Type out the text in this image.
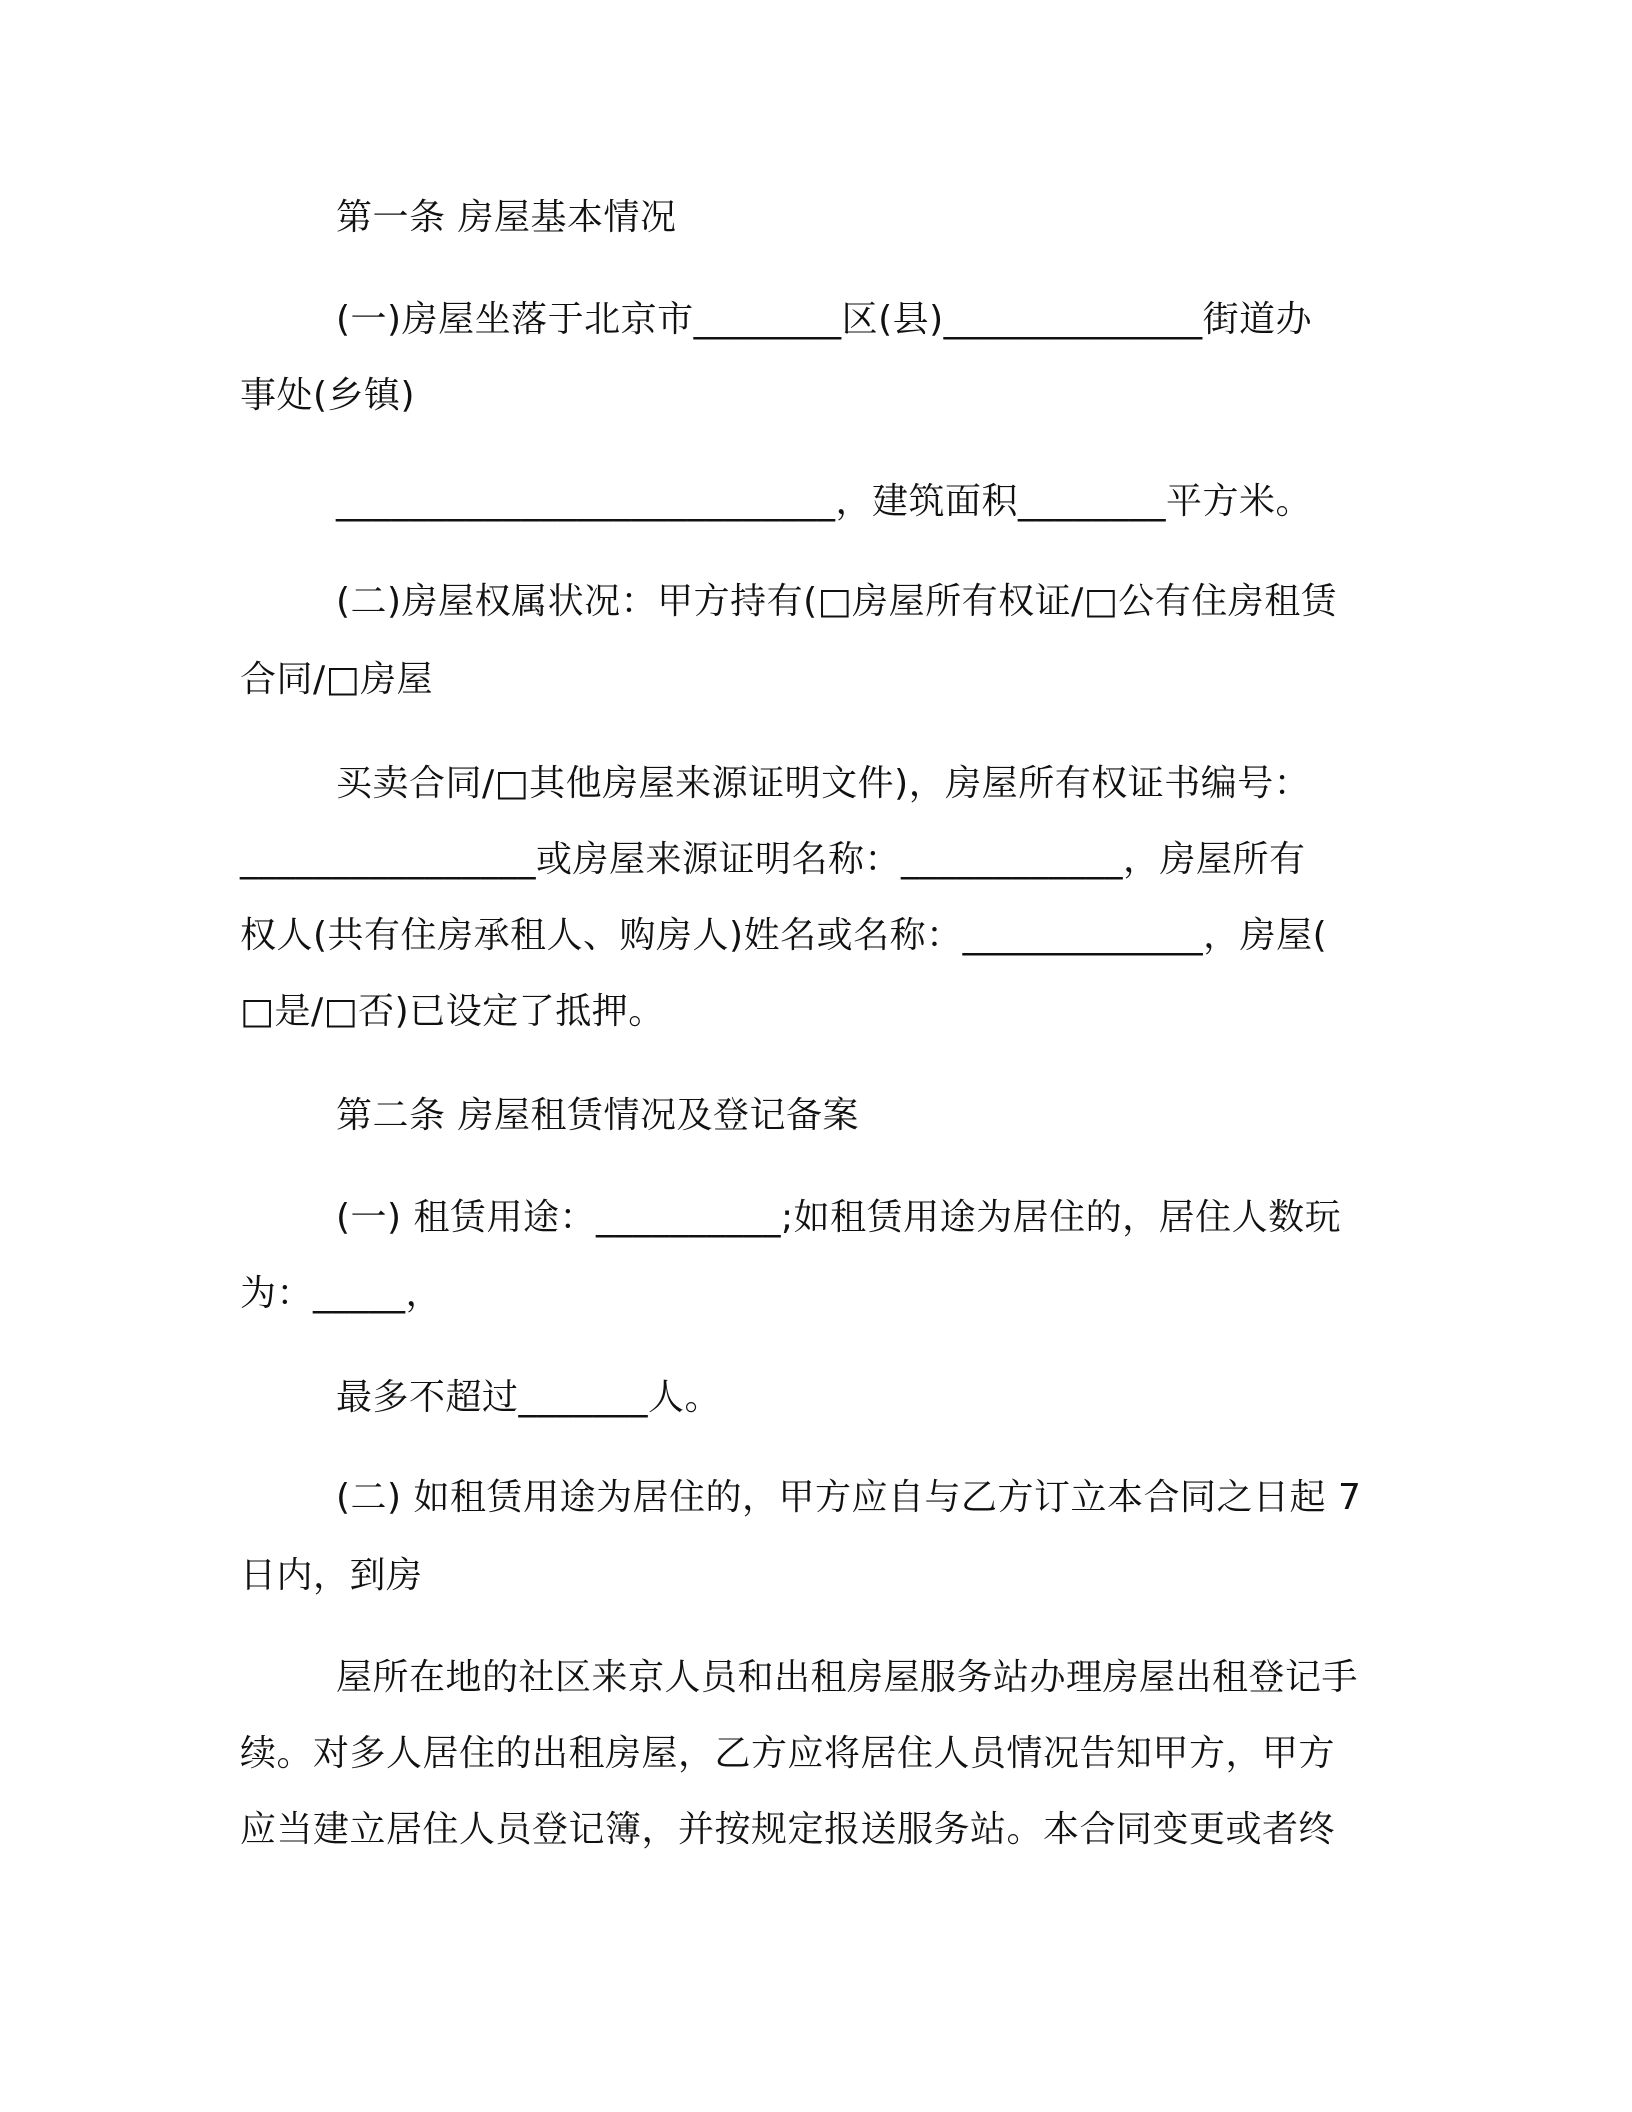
第一条 房屋基本情况
(一)房屋坐落于北京市________区(县)______________街道办
事处(乡镇)
___________________________，建筑面积________平方米。
(二)房屋权属状况：甲方持有(□房屋所有权证/□公有住房租赁
合同/□房屋
买卖合同/□其他房屋来源证明文件)，房屋所有权证书编号：
________________或房屋来源证明名称：____________，房屋所有
权人(共有住房承租人、购房人)姓名或名称：_____________，房屋(
□是/□否)已设定了抵押。
第二条 房屋租赁情况及登记备案
(一) 租赁用途：__________;如租赁用途为居住的，居住人数玩
为：_____，
最多不超过_______人。
(二) 如租赁用途为居住的，甲方应自与乙方订立本合同之日起 7
日内，到房
屋所在地的社区来京人员和出租房屋服务站办理房屋出租登记手
续。对多人居住的出租房屋，乙方应将居住人员情况告知甲方，甲方
应当建立居住人员登记簿，并按规定报送服务站。本合同变更或者终
